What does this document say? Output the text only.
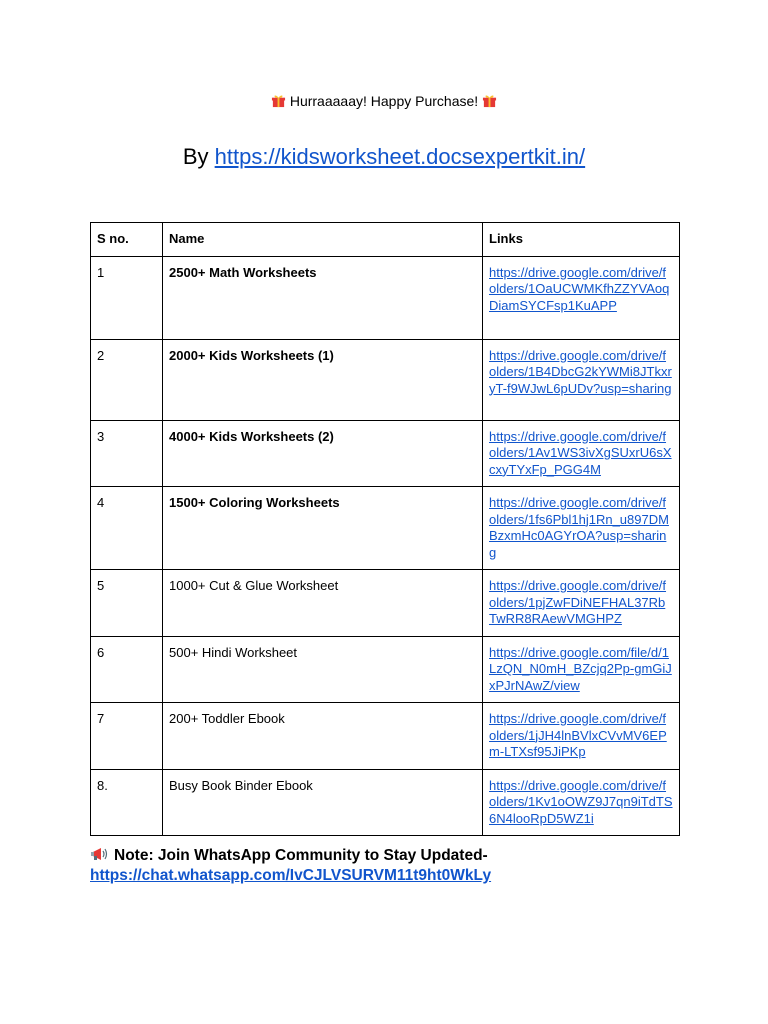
Hurraaaaay! Happy Purchase!
By https://kidsworksheet.docsexpertkit.in/
S no.	Name	Links
1	2500+ Math Worksheets	https://drive.google.com/drive/folders/1OaUCWMKfhZZYVAoqDiamSYCFsp1KuAPP
2	2000+ Kids Worksheets (1)	https://drive.google.com/drive/folders/1B4DbcG2kYWMi8JTkxryT-f9WJwL6pUDv?usp=sharing
3	4000+ Kids Worksheets (2)	https://drive.google.com/drive/folders/1Av1WS3ivXgSUxrU6sXcxyTYxFp_PGG4M
4	1500+ Coloring Worksheets	https://drive.google.com/drive/folders/1fs6Pbl1hj1Rn_u897DMBzxmHc0AGYrOA?usp=sharing
5	1000+ Cut & Glue Worksheet	https://drive.google.com/drive/folders/1pjZwFDiNEFHAL37RbTwRR8RAewVMGHPZ
6	500+ Hindi Worksheet	https://drive.google.com/file/d/1LzQN_N0mH_BZcjq2Pp-gmGiJxPJrNAwZ/view
7	200+ Toddler Ebook	https://drive.google.com/drive/folders/1jJH4lnBVlxCVvMV6EPm-LTXsf95JiPKp
8.	Busy Book Binder Ebook	https://drive.google.com/drive/folders/1Kv1oOWZ9J7qn9iTdTS6N4looRpD5WZ1i
Note: Join WhatsApp Community to Stay Updated-
https://chat.whatsapp.com/IvCJLVSURVM11t9ht0WkLy
